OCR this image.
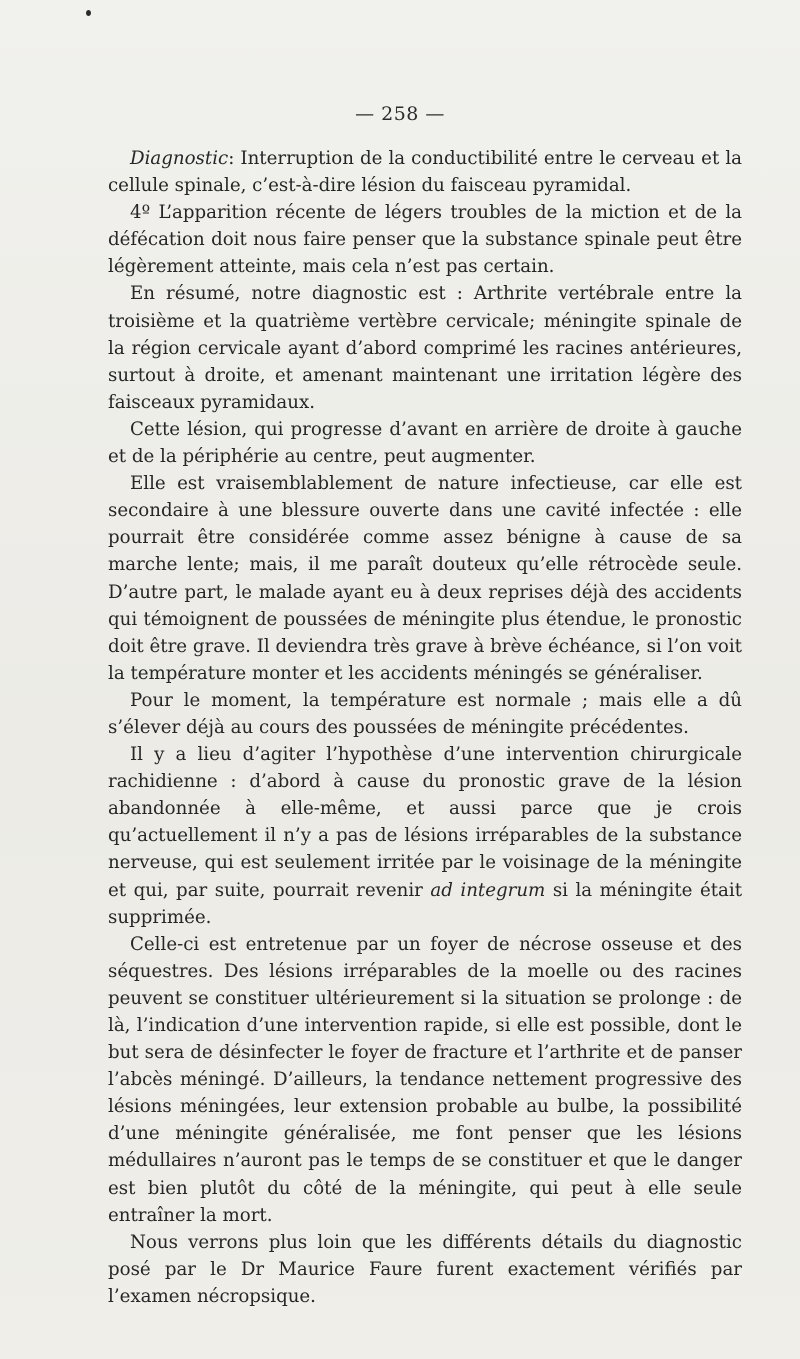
— 258 —

Diagnostic: Interruption de la conductibilité entre le cerveau et la cellule spinale, c’est-à-dire lésion du faisceau pyramidal.

4º L’apparition récente de légers troubles de la miction et de la défécation doit nous faire penser que la substance spinale peut être légèrement atteinte, mais cela n’est pas certain.

En résumé, notre diagnostic est : Arthrite vertébrale entre la troisième et la quatrième vertèbre cervicale; méningite spinale de la région cervicale ayant d’abord comprimé les racines antérieures, surtout à droite, et amenant maintenant une irritation légère des faisceaux pyramidaux.

Cette lésion, qui progresse d’avant en arrière de droite à gauche et de la périphérie au centre, peut augmenter.

Elle est vraisemblablement de nature infectieuse, car elle est secondaire à une blessure ouverte dans une cavité infectée : elle pourrait être considérée comme assez bénigne à cause de sa marche lente; mais, il me paraît douteux qu’elle rétrocède seule. D’autre part, le malade ayant eu à deux reprises déjà des accidents qui témoignent de poussées de méningite plus étendue, le pronostic doit être grave. Il deviendra très grave à brève échéance, si l’on voit la température monter et les accidents méningés se généraliser.

Pour le moment, la température est normale ; mais elle a dû s’élever déjà au cours des poussées de méningite précédentes.

Il y a lieu d’agiter l’hypothèse d’une intervention chirurgicale rachidienne : d’abord à cause du pronostic grave de la lésion abandonnée à elle-même, et aussi parce que je crois qu’actuellement il n’y a pas de lésions irréparables de la substance nerveuse, qui est seulement irritée par le voisinage de la méningite et qui, par suite, pourrait revenir ad integrum si la méningite était supprimée.

Celle-ci est entretenue par un foyer de nécrose osseuse et des séquestres. Des lésions irréparables de la moelle ou des racines peuvent se constituer ultérieurement si la situation se prolonge : de là, l’indication d’une intervention rapide, si elle est possible, dont le but sera de désinfecter le foyer de fracture et l’arthrite et de panser l’abcès méningé. D’ailleurs, la tendance nettement progressive des lésions méningées, leur extension probable au bulbe, la possibilité d’une méningite généralisée, me font penser que les lésions médullaires n’auront pas le temps de se constituer et que le danger est bien plutôt du côté de la méningite, qui peut à elle seule entraîner la mort.

Nous verrons plus loin que les différents détails du diagnostic posé par le Dr Maurice Faure furent exactement vérifiés par l’examen nécropsique.
